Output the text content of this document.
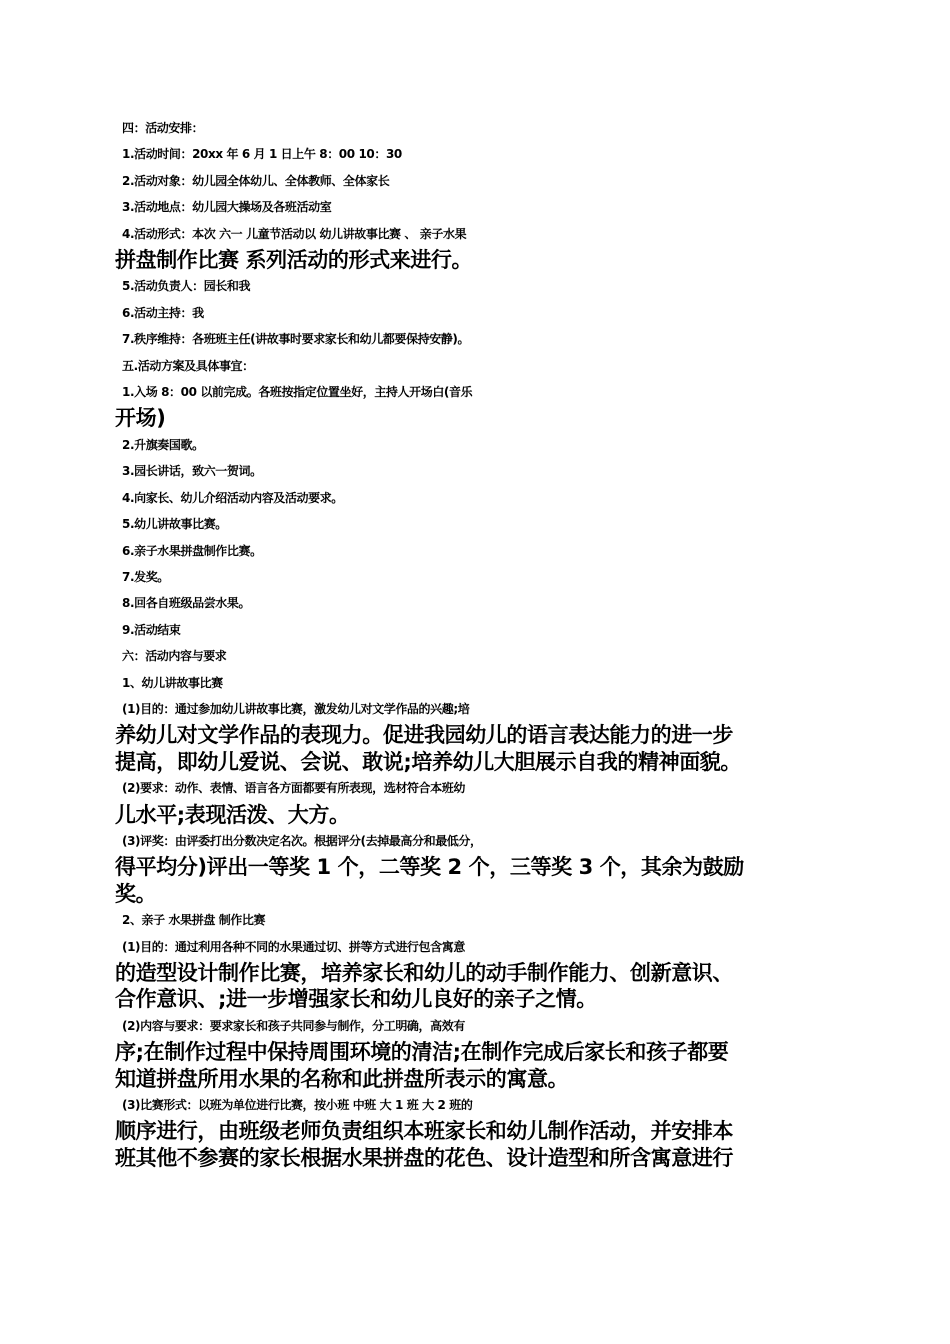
四：活动安排：

1.活动时间：20xx 年 6 月 1 日上午 8：00 10：30

2.活动对象：幼儿园全体幼儿、全体教师、全体家长

3.活动地点：幼儿园大操场及各班活动室

4.活动形式：本次 六一 儿童节活动以 幼儿讲故事比赛 、 亲子水果

拼盘制作比赛 系列活动的形式来进行。

5.活动负责人：园长和我

6.活动主持：我

7.秩序维持：各班班主任(讲故事时要求家长和幼儿都要保持安静)。

五.活动方案及具体事宜：

1.入场 8：00 以前完成。各班按指定位置坐好，主持人开场白(音乐

开场)

2.升旗奏国歌。

3.园长讲话，致六一贺词。

4.向家长、幼儿介绍活动内容及活动要求。

5.幼儿讲故事比赛。

6.亲子水果拼盘制作比赛。

7.发奖。

8.回各自班级品尝水果。

9.活动结束

六：活动内容与要求

1、幼儿讲故事比赛

(1)目的：通过参加幼儿讲故事比赛，激发幼儿对文学作品的兴趣;培

养幼儿对文学作品的表现力。促进我园幼儿的语言表达能力的进一步

提高，即幼儿爱说、会说、敢说;培养幼儿大胆展示自我的精神面貌。

(2)要求：动作、表情、语言各方面都要有所表现，选材符合本班幼

儿水平;表现活泼、大方。

(3)评奖：由评委打出分数决定名次。根据评分(去掉最高分和最低分，

得平均分)评出一等奖 1 个，二等奖 2 个，三等奖 3 个，其余为鼓励

奖。

2、亲子 水果拼盘 制作比赛

(1)目的：通过利用各种不同的水果通过切、拼等方式进行包含寓意

的造型设计制作比赛，培养家长和幼儿的动手制作能力、创新意识、

合作意识、;进一步增强家长和幼儿良好的亲子之情。

(2)内容与要求：要求家长和孩子共同参与制作，分工明确，高效有

序;在制作过程中保持周围环境的清洁;在制作完成后家长和孩子都要

知道拼盘所用水果的名称和此拼盘所表示的寓意。

(3)比赛形式：以班为单位进行比赛，按小班 中班 大 1 班 大 2 班的

顺序进行，由班级老师负责组织本班家长和幼儿制作活动，并安排本

班其他不参赛的家长根据水果拼盘的花色、设计造型和所含寓意进行
